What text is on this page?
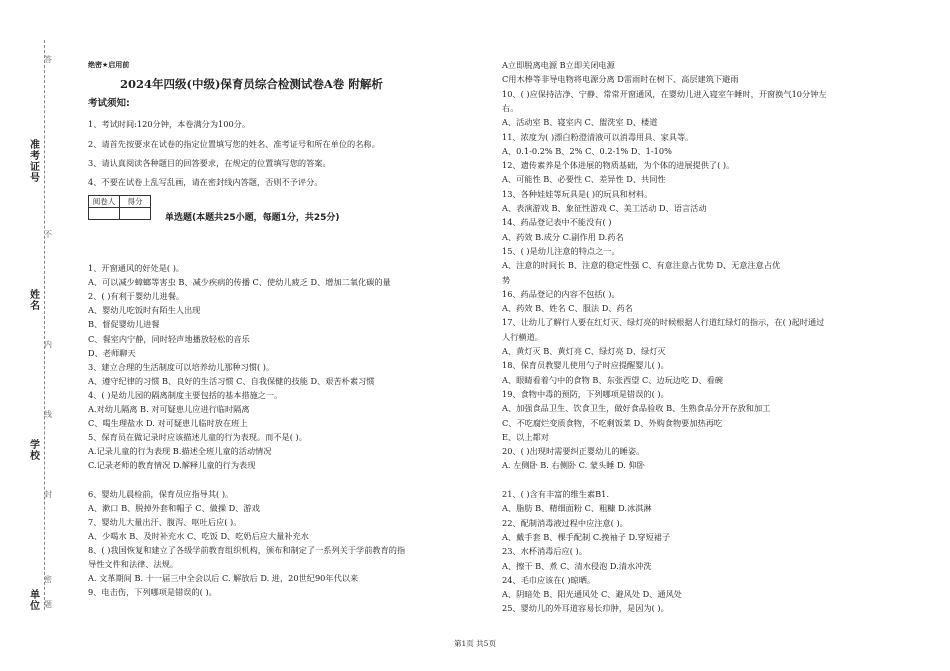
准考证号
姓名
学校
单位
答
不
内
线
封
密
题
绝密★启用前
2024年四级(中级)保育员综合检测试卷A卷 附解析
考试须知:
1、考试时间:120分钟，本卷满分为100分。
2、请首先按要求在试卷的指定位置填写您的姓名、准考证号和所在单位的名称。
3、请认真阅读各种题目的回答要求，在规定的位置填写您的答案。
4、不要在试卷上乱写乱画，请在密封线内答题，否则不予评分。
阅卷人	得分

单选题(本题共25小题，每题1分，共25分)
1、开窗通风的好处是( )。
A、可以减少蟑螂等害虫 B、减少疾病的传播 C、使幼儿疲乏 D、增加二氧化碳的量
2、( )有利于婴幼儿进餐。
A、婴幼儿吃饭时有陌生人出现
B、督促婴幼儿进餐
C、餐室内宁静，同时轻声地播放轻松的音乐
D、老师聊天
3、建立合理的生活制度可以培养幼儿那种习惯( )。
A、遵守纪律的习惯 B、良好的生活习惯 C、自我保健的技能 D、艰苦朴素习惯
4、( )是幼儿园的隔离制度主要包括的基本措施之一。
A.对幼儿隔离 B. 对可疑患儿应进行临时隔离
C、喝生理盐水 D. 对可疑患儿临时放在班上
5、保育员在做记录时应该描述儿童的行为表现。而不是( )。
A.记录儿童的行为表现 B.描述全班儿童的活动情况
C.记录老师的教育情况 D.解释儿童的行为表现
6、婴幼儿晨检前，保育员应指导其( )。
A、漱口 B、脱掉外套和帽子 C、做操 D、游戏
7、婴幼儿大量出汗、腹泻、呕吐后应( )。
A、少喝水 B、及时补充水 C、吃饭 D、吃奶后应大量补充水
8、( )我国恢复和建立了各级学前教育组织机构，颁布和制定了一系列关于学前教育的指
导性文件和法律、法规。
A. 文革期间 B. 十一届三中全会以后 C. 解放后 D. 进，20世纪90年代以来
9、电击伤，下列哪项是错误的( )。
A立即脱离电源 B立即关闭电源
C用木棒等非导电物将电源分离 D雷雨时在树下、高层建筑下避雨
10、( )应保持洁净、宁静、常常开窗通风，在婴幼儿进入寝室午睡时，开窗换气10分钟左
右。
A、活动室 B、寝室内 C、盥洗室 D、楼道
11、浓度为( )漂白粉澄清液可以消毒用具、家具等。
A、0.1-0.2% B、2% C、0.2-1% D、1-10%
12、遗传素养是个体进展的物质基础，为个体的进展提供了( )。
A、可能性 B、必要性 C、差异性 D、共同性
13、各种娃娃等玩具是( )的玩具和材料。
A、表演游戏 B、象征性游戏 C、美工活动 D、语言活动
14、药品登记表中不能没有( )
A、药效 B.成分 C.副作用 D.药名
15、( )是幼儿注意的特点之一。
A、注意的时间长 B、注意的稳定性强 C、有意注意占优势 D、无意注意占优
势
16、药品登记的内容不包括( )。
A、药效 B、姓名 C、服法 D、药名
17、让幼儿了解行人要在红灯灭、绿灯亮的时候根据人行道红绿灯的指示，在( )起时通过
人行横道。
A、黄灯灭 B、黄灯亮 C、绿灯亮 D、绿灯灭
18、保育员教婴儿使用勺子时应提醒婴儿( )。
A、眼睛看着勺中的食物 B、东张西望 C、边玩边吃 D、看碗
19、食物中毒的预防，下列哪项是错误的( )。
A、加强食品卫生、饮食卫生，做好食品验收 B、生熟食品分开存放和加工
C、不吃腐烂变质食物，不吃剩饭菜 D、外购食物要加热再吃
E、以上都对
20、( )出现时需要纠正婴幼儿的睡姿。
A. 左侧卧 B. 右侧卧 C. 蒙头睡 D. 仰卧
21、( )含有丰富的维生素B1.
A、脂肪 B、精细面粉 C、粗糠 D.冰淇淋
22、配制消毒液过程中应注意( )。
A、戴手套 B、棵手配制 C.挽袖子 D.穿短裙子
23、水杯消毒后应( )。
A、擦干 B、煮 C、清水侵泡 D.清水冲洗
24、毛巾应该在( )晾晒。
A、阴暗处 B、阳光通风处 C、避风处 D、通风处
25、婴幼儿的外耳道容易长疖肿，是因为( )。
第1页 共5页
